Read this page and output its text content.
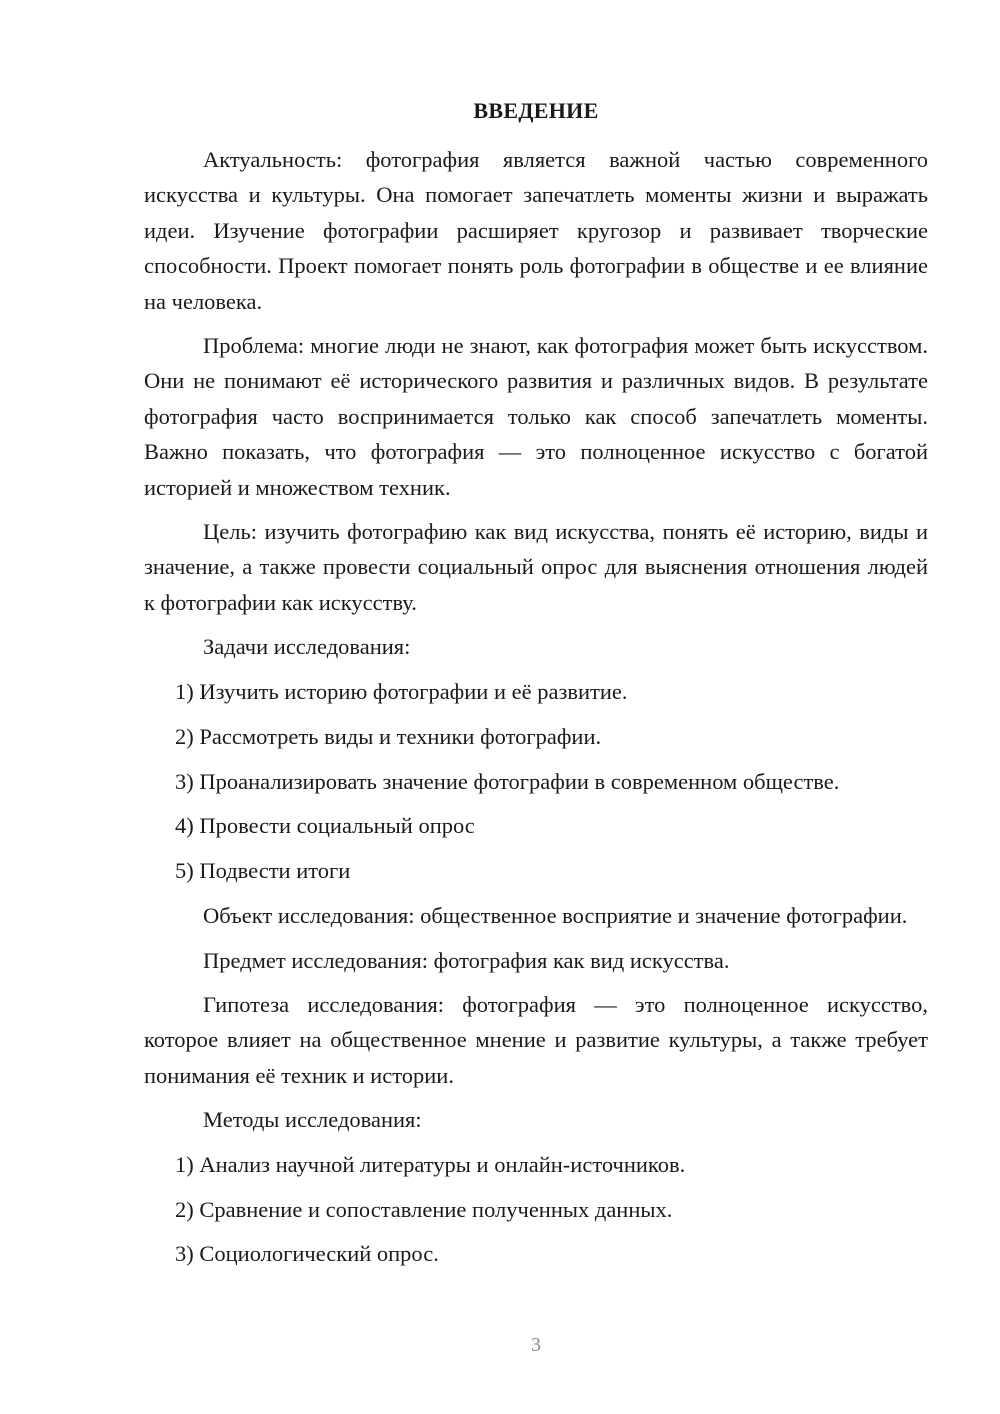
ВВЕДЕНИЕ

Актуальность: фотография является важной частью современного искусства и культуры. Она помогает запечатлеть моменты жизни и выражать идеи. Изучение фотографии расширяет кругозор и развивает творческие способности. Проект помогает понять роль фотографии в обществе и ее влияние на человека.

Проблема: многие люди не знают, как фотография может быть искусством. Они не понимают её исторического развития и различных видов. В результате фотография часто воспринимается только как способ запечатлеть моменты. Важно показать, что фотография — это полноценное искусство с богатой историей и множеством техник.

Цель: изучить фотографию как вид искусства, понять её историю, виды и значение, а также провести социальный опрос для выяснения отношения людей к фотографии как искусству.

Задачи исследования:

1) Изучить историю фотографии и её развитие.
2) Рассмотреть виды и техники фотографии.
3) Проанализировать значение фотографии в современном обществе.
4) Провести социальный опрос
5) Подвести итоги

Объект исследования: общественное восприятие и значение фотографии.

Предмет исследования: фотография как вид искусства.

Гипотеза исследования: фотография — это полноценное искусство, которое влияет на общественное мнение и развитие культуры, а также требует понимания её техник и истории.

Методы исследования:

1) Анализ научной литературы и онлайн-источников.
2) Сравнение и сопоставление полученных данных.
3) Социологический опрос.
3
